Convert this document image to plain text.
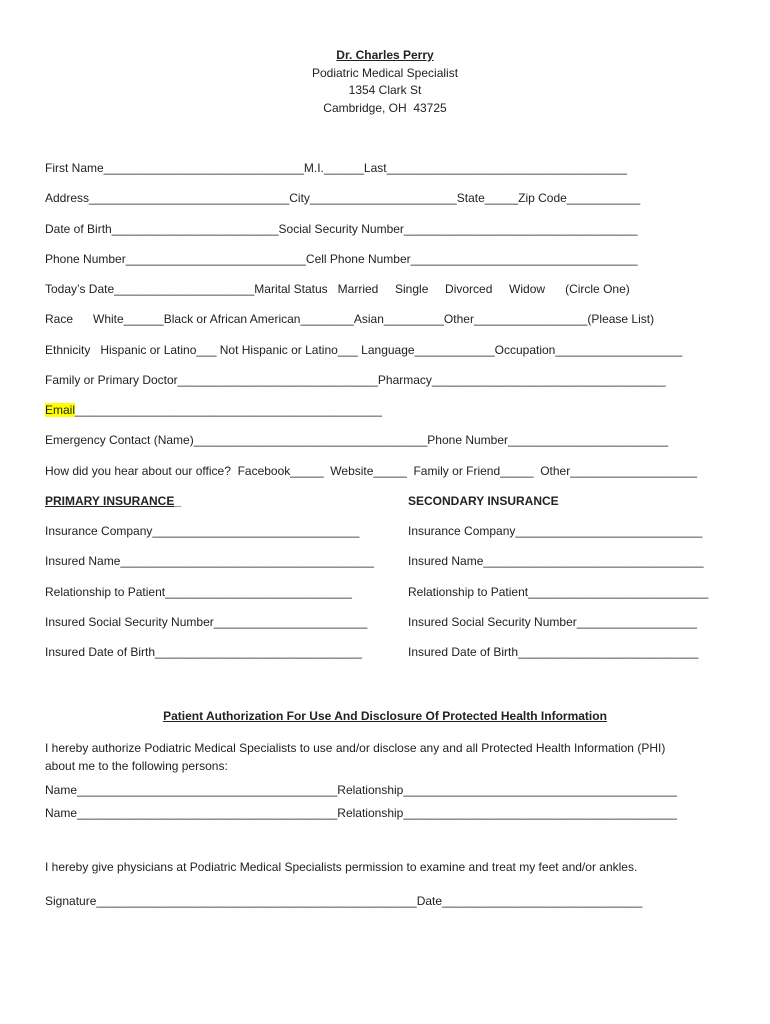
Dr. Charles Perry
Podiatric Medical Specialist
1354 Clark St
Cambridge, OH  43725
First Name______________________________M.I.______Last____________________________________
Address______________________________City______________________State_____Zip Code___________
Date of Birth_________________________Social Security Number___________________________________
Phone Number___________________________Cell Phone Number__________________________________
Today’s Date_____________________Marital Status   Married     Single     Divorced     Widow      (Circle One)
Race      White______Black or African American________Asian_________Other_________________(Please List)
Ethnicity   Hispanic or Latino___ Not Hispanic or Latino___ Language____________Occupation___________________
Family or Primary Doctor______________________________Pharmacy___________________________________
Email______________________________________________
Emergency Contact (Name)___________________________________Phone Number________________________
How did you hear about our office?  Facebook_____  Website_____  Family or Friend_____  Other___________________
PRIMARY INSURANCE_	SECONDARY INSURANCE
Insurance Company_______________________________
Insured Name______________________________________
Relationship to Patient____________________________
Insured Social Security Number_______________________
Insured Date of Birth_______________________________
Insurance Company____________________________
Insured Name_________________________________
Relationship to Patient___________________________
Insured Social Security Number__________________
Insured Date of Birth___________________________
Patient Authorization For Use And Disclosure Of Protected Health Information
I hereby authorize Podiatric Medical Specialists to use and/or disclose any and all Protected Health Information (PHI)
about me to the following persons:
Name_______________________________________Relationship_________________________________________
Name_______________________________________Relationship_________________________________________
I hereby give physicians at Podiatric Medical Specialists permission to examine and treat my feet and/or ankles.
Signature________________________________________________Date______________________________
